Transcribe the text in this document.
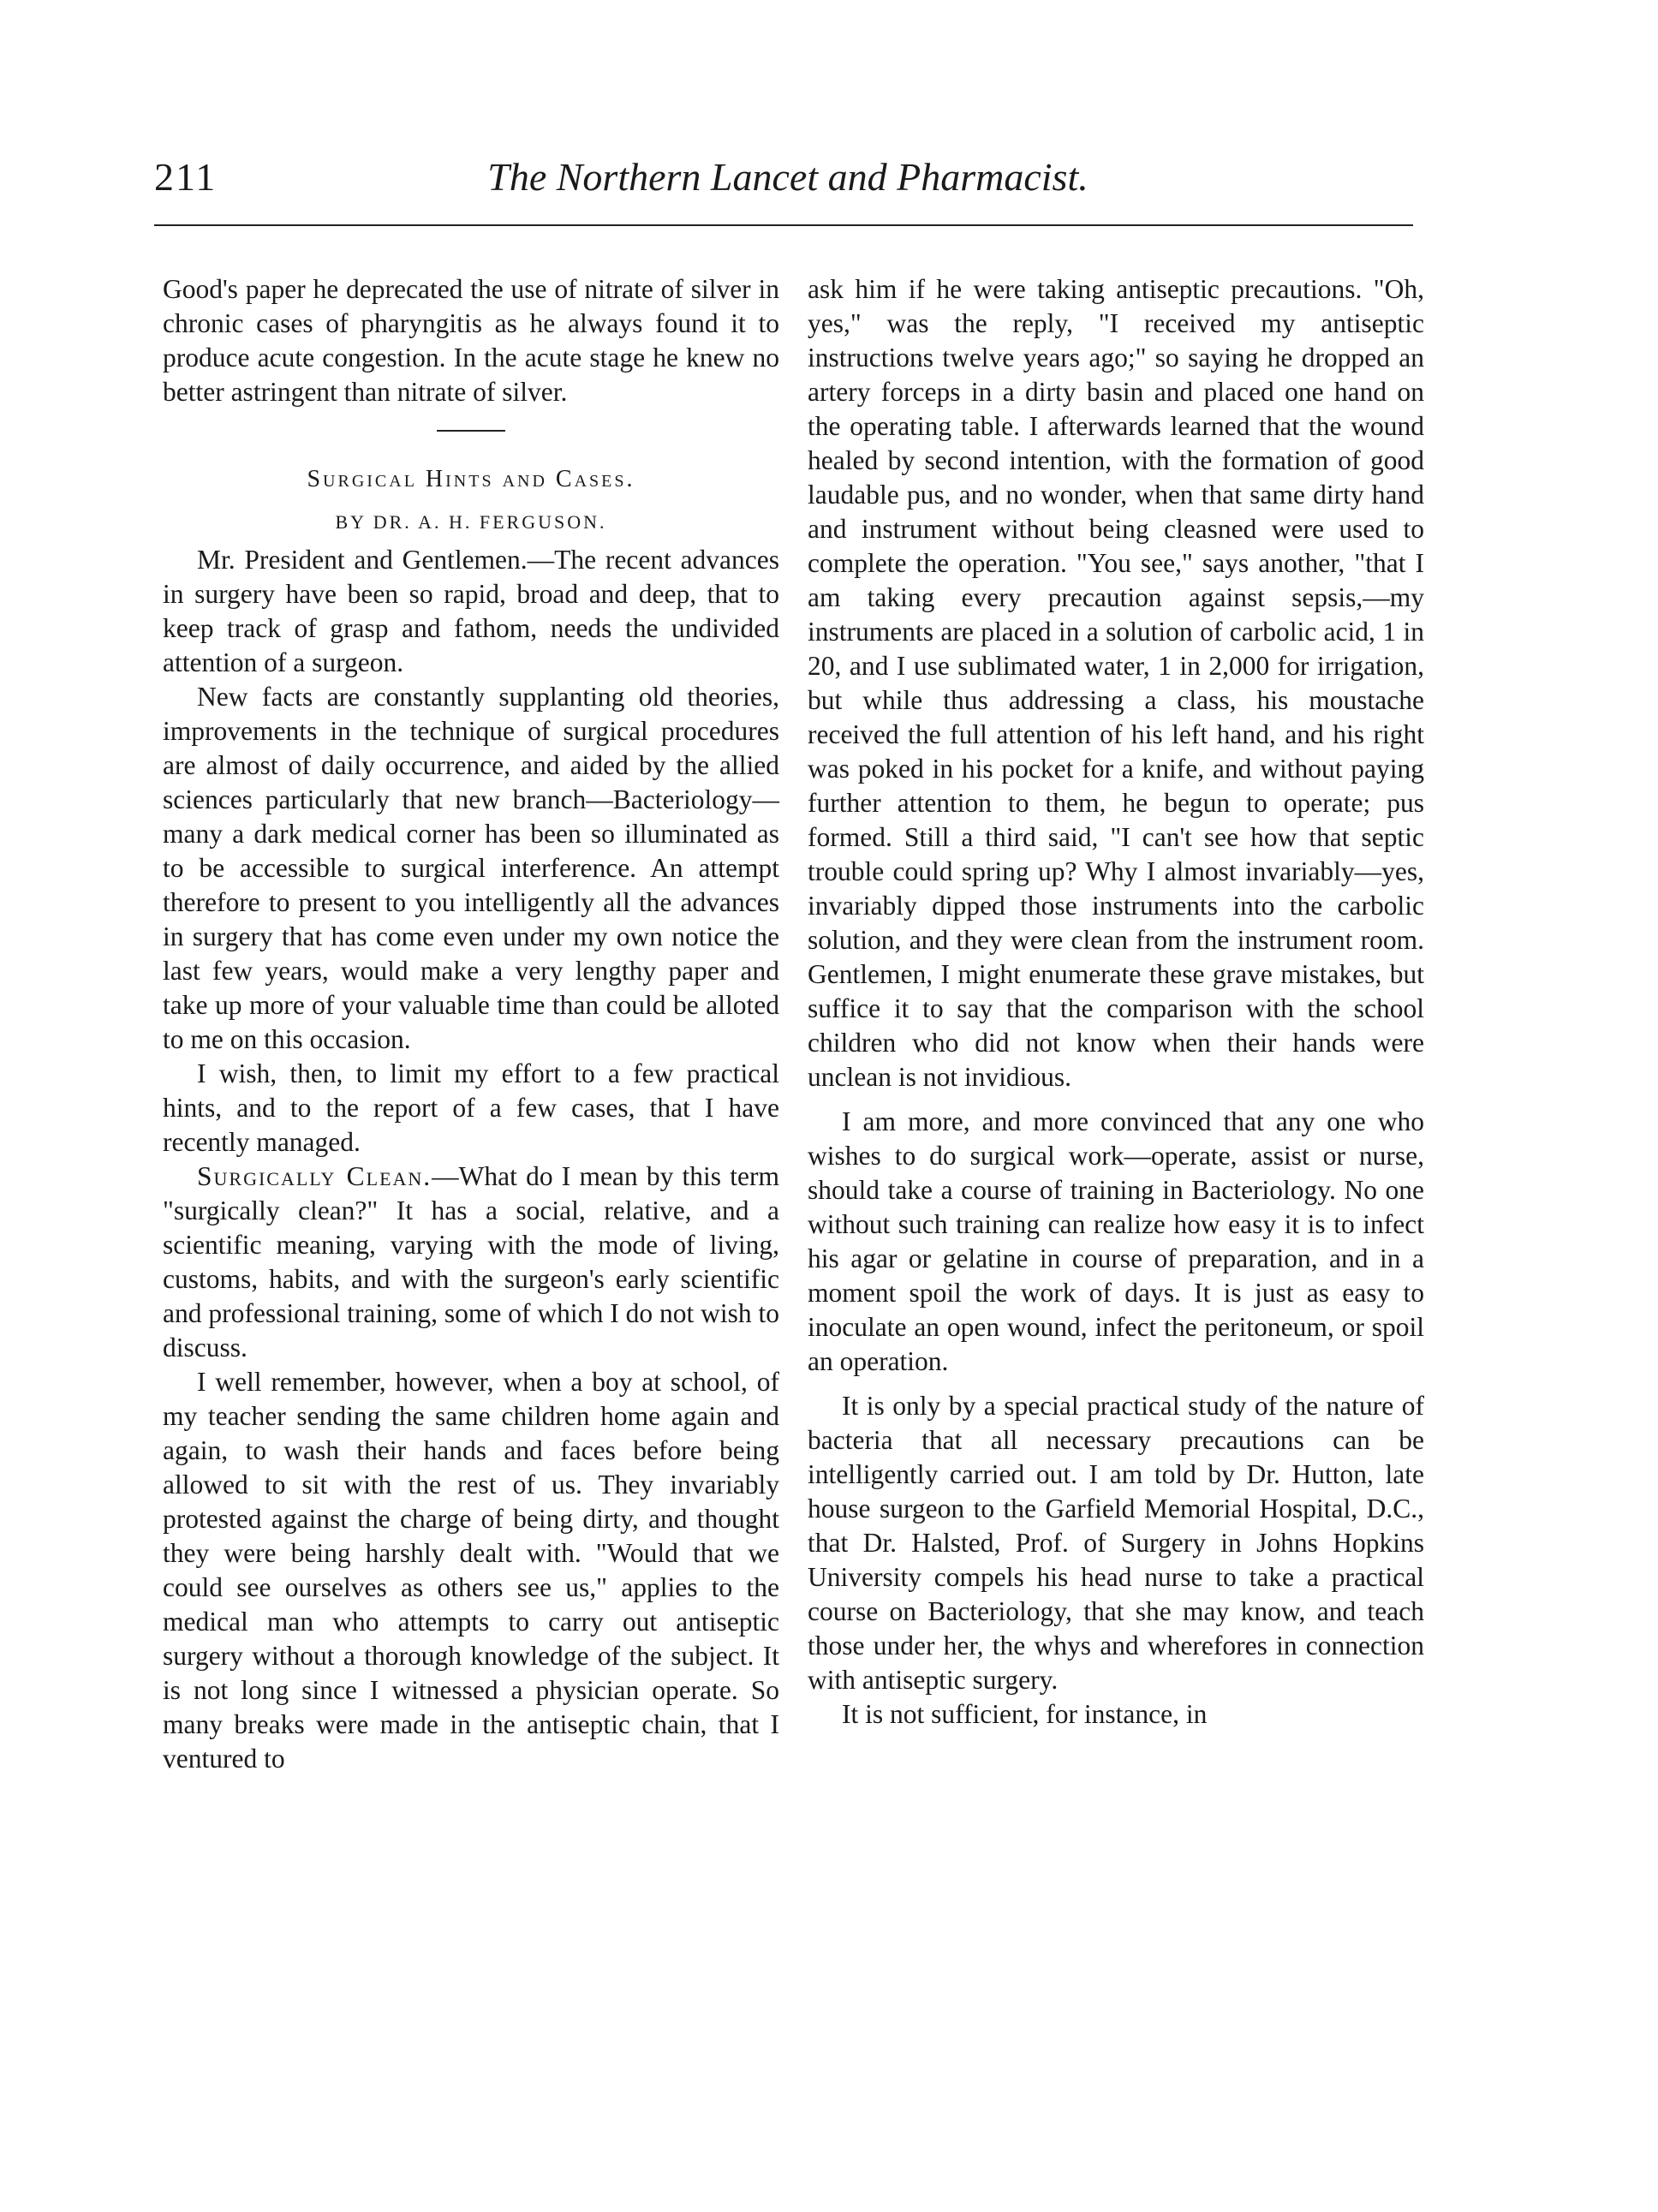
211	The Northern Lancet and Pharmacist.

Good's paper he deprecated the use of nitrate of silver in chronic cases of pharyngitis as he always found it to produce acute congestion. In the acute stage he knew no better astringent than nitrate of silver.

Surgical Hints and Cases.
BY DR. A. H. FERGUSON.

Mr. President and Gentlemen.—The recent advances in surgery have been so rapid, broad and deep, that to keep track of grasp and fathom, needs the undivided attention of a surgeon.

New facts are constantly supplanting old theories, improvements in the technique of surgical procedures are almost of daily occurrence, and aided by the allied sciences particularly that new branch—Bacteriology—many a dark medical corner has been so illuminated as to be accessible to surgical interference. An attempt therefore to present to you intelligently all the advances in surgery that has come even under my own notice the last few years, would make a very lengthy paper and take up more of your valuable time than could be alloted to me on this occasion.

I wish, then, to limit my effort to a few practical hints, and to the report of a few cases, that I have recently managed.

Surgically Clean.—What do I mean by this term "surgically clean?" It has a social, relative, and a scientific meaning, varying with the mode of living, customs, habits, and with the surgeon's early scientific and professional training, some of which I do not wish to discuss.

I well remember, however, when a boy at school, of my teacher sending the same children home again and again, to wash their hands and faces before being allowed to sit with the rest of us. They invariably protested against the charge of being dirty, and thought they were being harshly dealt with. "Would that we could see ourselves as others see us," applies to the medical man who attempts to carry out antiseptic surgery without a thorough knowledge of the subject. It is not long since I witnessed a physician operate. So many breaks were made in the antiseptic chain, that I ventured to

ask him if he were taking antiseptic precautions. "Oh, yes," was the reply, "I received my antiseptic instructions twelve years ago;" so saying he dropped an artery forceps in a dirty basin and placed one hand on the operating table. I afterwards learned that the wound healed by second intention, with the formation of good laudable pus, and no wonder, when that same dirty hand and instrument without being cleasned were used to complete the operation. "You see," says another, "that I am taking every precaution against sepsis,—my instruments are placed in a solution of carbolic acid, 1 in 20, and I use sublimated water, 1 in 2,000 for irrigation, but while thus addressing a class, his moustache received the full attention of his left hand, and his right was poked in his pocket for a knife, and without paying further attention to them, he begun to operate; pus formed. Still a third said, "I can't see how that septic trouble could spring up? Why I almost invariably—yes, invariably dipped those instruments into the carbolic solution, and they were clean from the instrument room. Gentlemen, I might enumerate these grave mistakes, but suffice it to say that the comparison with the school children who did not know when their hands were unclean is not invidious.

I am more, and more convinced that any one who wishes to do surgical work—operate, assist or nurse, should take a course of training in Bacteriology. No one without such training can realize how easy it is to infect his agar or gelatine in course of preparation, and in a moment spoil the work of days. It is just as easy to inoculate an open wound, infect the peritoneum, or spoil an operation.

It is only by a special practical study of the nature of bacteria that all necessary precautions can be intelligently carried out. I am told by Dr. Hutton, late house surgeon to the Garfield Memorial Hospital, D.C., that Dr. Halsted, Prof. of Surgery in Johns Hopkins University compels his head nurse to take a practical course on Bacteriology, that she may know, and teach those under her, the whys and wherefores in connection with antiseptic surgery.

It is not sufficient, for instance, in
